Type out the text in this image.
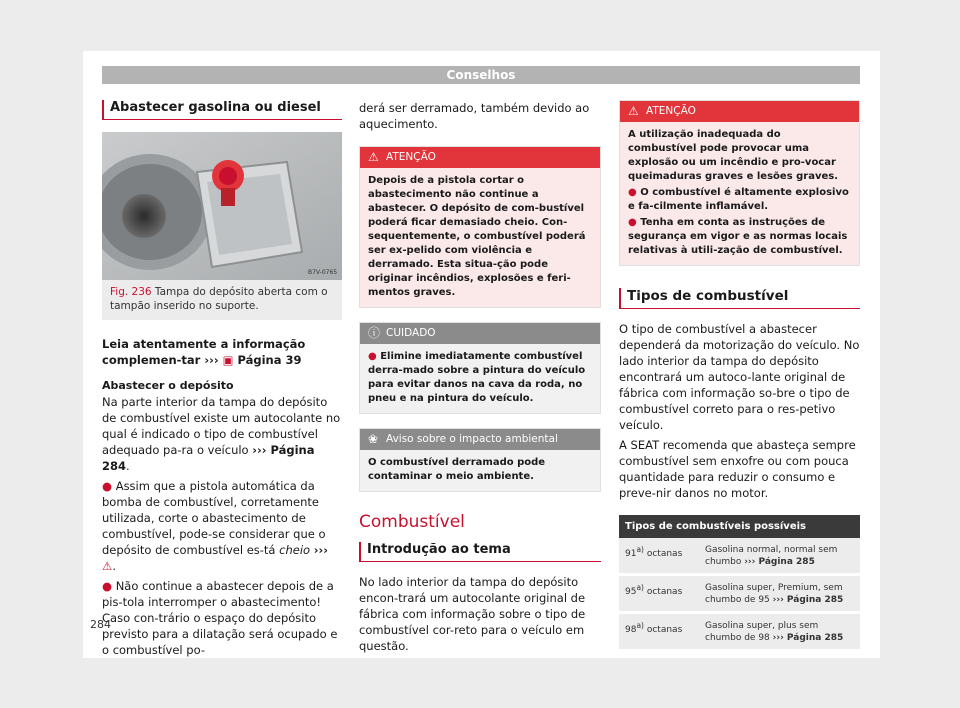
Conselhos
Abastecer gasolina ou diesel
B7V-0765
Fig. 236 Tampa do depósito aberta com o tampão inserido no suporte.

Leia atentamente a informação complemen-tar ››› ▣ Página 39

Abastecer o depósito

Na parte interior da tampa do depósito de combustível existe um autocolante no qual é indicado o tipo de combustível adequado pa-ra o veículo ››› Página 284.

● Assim que a pistola automática da bomba de combustível, corretamente utilizada, corte o abastecimento de combustível, pode-se considerar que o depósito de combustível es-tá cheio ››› ⚠.

● Não continue a abastecer depois de a pis-tola interromper o abastecimento! Caso con-trário o espaço do depósito previsto para a dilatação será ocupado e o combustível po-

derá ser derramado, também devido ao aquecimento.

⚠ ATENÇÃO
Depois de a pistola cortar o abastecimento não continue a abastecer. O depósito de com-bustível poderá ficar demasiado cheio. Con-sequentemente, o combustível poderá ser ex-pelido com violência e derramado. Esta situa-ção pode originar incêndios, explosões e feri-mentos graves.
ⓘ CUIDADO
● Elimine imediatamente combustível derra-mado sobre a pintura do veículo para evitar danos na cava da roda, no pneu e na pintura do veículo.
❀ Aviso sobre o impacto ambiental
O combustível derramado pode contaminar o meio ambiente.
Combustível
Introdução ao tema

No lado interior da tampa do depósito encon-trará um autocolante original de fábrica com informação sobre o tipo de combustível cor-reto para o veículo em questão.

⚠ ATENÇÃO
A utilização inadequada do combustível pode provocar uma explosão ou um incêndio e pro-vocar queimaduras graves e lesões graves.
● O combustível é altamente explosivo e fa-cilmente inflamável.
● Tenha em conta as instruções de segurança em vigor e as normas locais relativas à utili-zação de combustível.
Tipos de combustível

O tipo de combustível a abastecer dependerá da motorização do veículo. No lado interior da tampa do depósito encontrará um autoco-lante original de fábrica com informação so-bre o tipo de combustível correto para o res-petivo veículo.

A SEAT recomenda que abasteça sempre combustível sem enxofre ou com pouca quantidade para reduzir o consumo e preve-nir danos no motor.

Tipos de combustíveis possíveis	
91$^{a)}$ octanas	Gasolina normal, normal sem chumbo ››› Página 285
95$^{a)}$ octanas	Gasolina super, Premium, sem chumbo de 95 ››› Página 285
98$^{a)}$ octanas	Gasolina super, plus sem chumbo de 98 ››› Página 285
284
